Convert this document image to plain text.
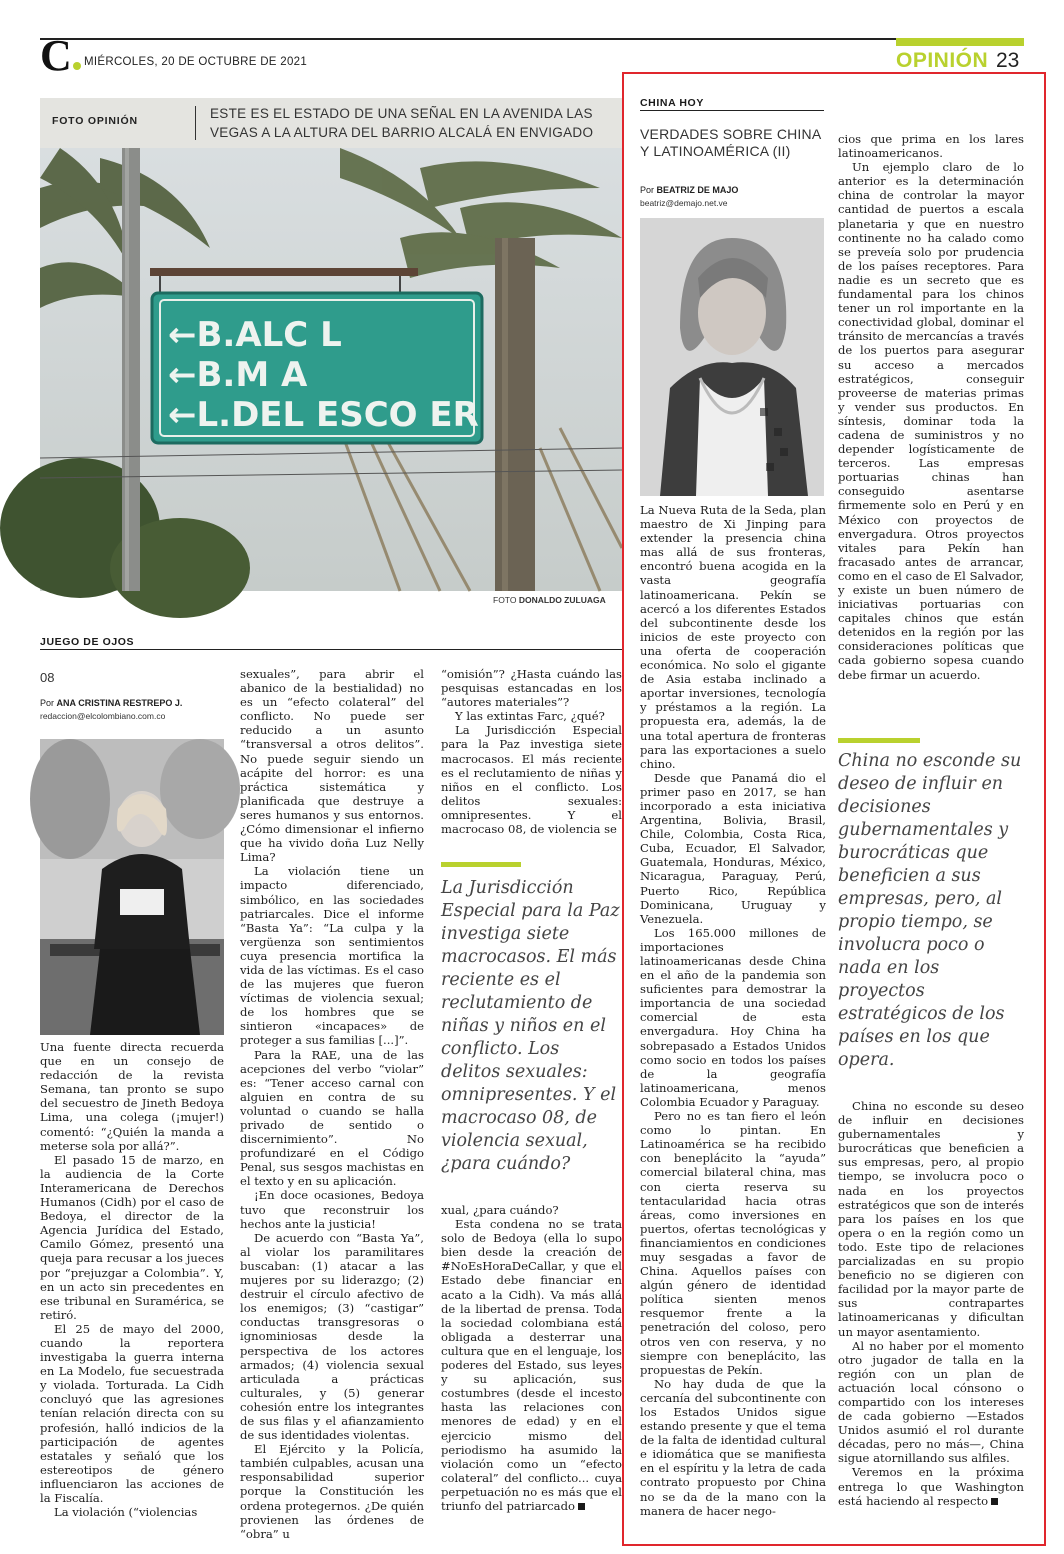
C	MIÉRCOLES, 20 DE OCTUBRE DE 2021	OPINIÓN 23
FOTO OPINIÓN	ESTE ES EL ESTADO DE UNA SEÑAL EN LA AVENIDA LAS VEGAS A LA ALTURA DEL BARRIO ALCALÁ EN ENVIGADO
←B.ALC L
←B.M A
←L.DEL ESCO ER
FOTO DONALDO ZULUAGA
JUEGO DE OJOS
08
Por ANA CRISTINA RESTREPO J.
redaccion@elcolombiano.com.co

Una fuente directa recuerda que en un consejo de redacción de la revista Semana, tan pronto se supo del secuestro de Jineth Bedoya Lima, una colega (¡mujer!) comentó: “¿Quién la manda a meterse sola por allá?”.

El pasado 15 de marzo, en la audiencia de la Corte Interamericana de Derechos Humanos (Cidh) por el caso de Bedoya, el director de la Agencia Jurídica del Estado, Camilo Gómez, presentó una queja para recusar a los jueces por “prejuzgar a Colombia”. Y, en un acto sin precedentes en ese tribunal en Suramérica, se retiró.

El 25 de mayo del 2000, cuando la reportera investigaba la guerra interna en La Modelo, fue secuestrada y violada. Torturada. La Cidh concluyó que las agresiones tenían relación directa con su profesión, halló indicios de la participación de agentes estatales y señaló que los estereotipos de género influenciaron las acciones de la Fiscalía.

La violación (“violencias

sexuales”, para abrir el abanico de la bestialidad) no es un “efecto colateral” del conflicto. No puede ser reducido a un asunto “transversal a otros delitos”. No puede seguir siendo un acápite del horror: es una práctica sistemática y planificada que destruye a seres humanos y sus entornos. ¿Cómo dimensionar el infierno que ha vivido doña Luz Nelly Lima?

La violación tiene un impacto diferenciado, simbólico, en las sociedades patriarcales. Dice el informe “Basta Ya”: “La culpa y la vergüenza son sentimientos cuya presencia mortifica la vida de las víctimas. Es el caso de las mujeres que fueron víctimas de violencia sexual; de los hombres que se sintieron «incapaces» de proteger a sus familias [...]”.

Para la RAE, una de las acepciones del verbo “violar” es: “Tener acceso carnal con alguien en contra de su voluntad o cuando se halla privado de sentido o discernimiento”. No profundizaré en el Código Penal, sus sesgos machistas en el texto y en su aplicación.

¡En doce ocasiones, Bedoya tuvo que reconstruir los hechos ante la justicia!

De acuerdo con “Basta Ya”, al violar los paramilitares buscaban: (1) atacar a las mujeres por su liderazgo; (2) destruir el círculo afectivo de los enemigos; (3) “castigar” conductas transgresoras o ignominiosas desde la perspectiva de los actores armados; (4) violencia sexual articulada a prácticas culturales, y (5) generar cohesión entre los integrantes de sus filas y el afianzamiento de sus identidades violentas.

El Ejército y la Policía, también culpables, acusan una responsabilidad superior porque la Constitución les ordena protegernos. ¿De quién provienen las órdenes de “obra” u

“omisión”? ¿Hasta cuándo las pesquisas estancadas en los “autores materiales”?

Y las extintas Farc, ¿qué?

La Jurisdicción Especial para la Paz investiga siete macrocasos. El más reciente es el reclutamiento de niñas y niños en el conflicto. Los delitos sexuales: omnipresentes. Y el macrocaso 08, de violencia se

La Jurisdicción Especial para la Paz investiga siete macrocasos. El más reciente es el reclutamiento de niñas y niños en el conflicto. Los delitos sexuales: omnipresentes. Y el macrocaso 08, de violencia sexual, ¿para cuándo?

xual, ¿para cuándo?

Esta condena no se trata solo de Bedoya (ella lo supo bien desde la creación de #NoEsHoraDeCallar, y que el Estado debe financiar en acato a la Cidh). Va más allá de la libertad de prensa. Toda la sociedad colombiana está obligada a desterrar una cultura que en el lenguaje, los poderes del Estado, sus leyes y su aplicación, sus costumbres (desde el incesto hasta las relaciones con menores de edad) y en el ejercicio mismo del periodismo ha asumido la violación como un “efecto colateral” del conflicto... cuya perpetuación no es más que el triunfo del patriarcado

CHINA HOY
VERDADES SOBRE CHINA Y LATINOAMÉRICA (II)
Por BEATRIZ DE MAJO
beatriz@demajo.net.ve

La Nueva Ruta de la Seda, plan maestro de Xi Jinping para extender la presencia china mas allá de sus fronteras, encontró buena acogida en la vasta geografía latinoamericana. Pekín se acercó a los diferentes Estados del subcontinente desde los inicios de este proyecto con una oferta de cooperación económica. No solo el gigante de Asia estaba inclinado a aportar inversiones, tecnología y préstamos a la región. La propuesta era, además, la de una total apertura de fronteras para las exportaciones a suelo chino.

Desde que Panamá dio el primer paso en 2017, se han incorporado a esta iniciativa Argentina, Bolivia, Brasil, Chile, Colombia, Costa Rica, Cuba, Ecuador, El Salvador, Guatemala, Honduras, México, Nicaragua, Paraguay, Perú, Puerto Rico, República Dominicana, Uruguay y Venezuela.

Los 165.000 millones de importaciones latinoamericanas desde China en el año de la pandemia son suficientes para demostrar la importancia de una sociedad comercial de esta envergadura. Hoy China ha sobrepasado a Estados Unidos como socio en todos los países de la geografía latinoamericana, menos Colombia Ecuador y Paraguay.

Pero no es tan fiero el león como lo pintan. En Latinoamérica se ha recibido con beneplácito la “ayuda” comercial bilateral china, mas con cierta reserva su tentacularidad hacia otras áreas, como inversiones en puertos, ofertas tecnológicas y financiamientos en condiciones muy sesgadas a favor de China. Aquellos países con algún género de identidad política sienten menos resquemor frente a la penetración del coloso, pero otros ven con reserva, y no siempre con beneplácito, las propuestas de Pekín.

No hay duda de que la cercanía del subcontinente con los Estados Unidos sigue estando presente y que el tema de la falta de identidad cultural e idiomática que se manifiesta en el espíritu y la letra de cada contrato propuesto por China no se da de la mano con la manera de hacer nego-

cios que prima en los lares latinoamericanos.

Un ejemplo claro de lo anterior es la determinación china de controlar la mayor cantidad de puertos a escala planetaria y que en nuestro continente no ha calado como se preveía solo por prudencia de los países receptores. Para nadie es un secreto que es fundamental para los chinos tener un rol importante en la conectividad global, dominar el tránsito de mercancías a través de los puertos para asegurar su acceso a mercados estratégicos, conseguir proveerse de materias primas y vender sus productos. En síntesis, dominar toda la cadena de suministros y no depender logísticamente de terceros. Las empresas portuarias chinas han conseguido asentarse firmemente solo en Perú y en México con proyectos de envergadura. Otros proyectos vitales para Pekín han fracasado antes de arrancar, como en el caso de El Salvador, y existe un buen número de iniciativas portuarias con capitales chinos que están detenidos en la región por las consideraciones políticas que cada gobierno sopesa cuando debe firmar un acuerdo.

China no esconde su deseo de influir en decisiones gubernamentales y burocráticas que beneficien a sus empresas, pero, al propio tiempo, se involucra poco o nada en los proyectos estratégicos de los países en los que opera.

China no esconde su deseo de influir en decisiones gubernamentales y burocráticas que beneficien a sus empresas, pero, al propio tiempo, se involucra poco o nada en los proyectos estratégicos que son de interés para los países en los que opera o en la región como un todo. Este tipo de relaciones parcializadas en su propio beneficio no se digieren con facilidad por la mayor parte de sus contrapartes latinoamericanas y dificultan un mayor asentamiento.

Al no haber por el momento otro jugador de talla en la región con un plan de actuación local cónsono o compartido con los intereses de cada gobierno —Estados Unidos asumió el rol durante décadas, pero no más—, China sigue atornillando sus alfiles.

Veremos en la próxima entrega lo que Washington está haciendo al respecto
